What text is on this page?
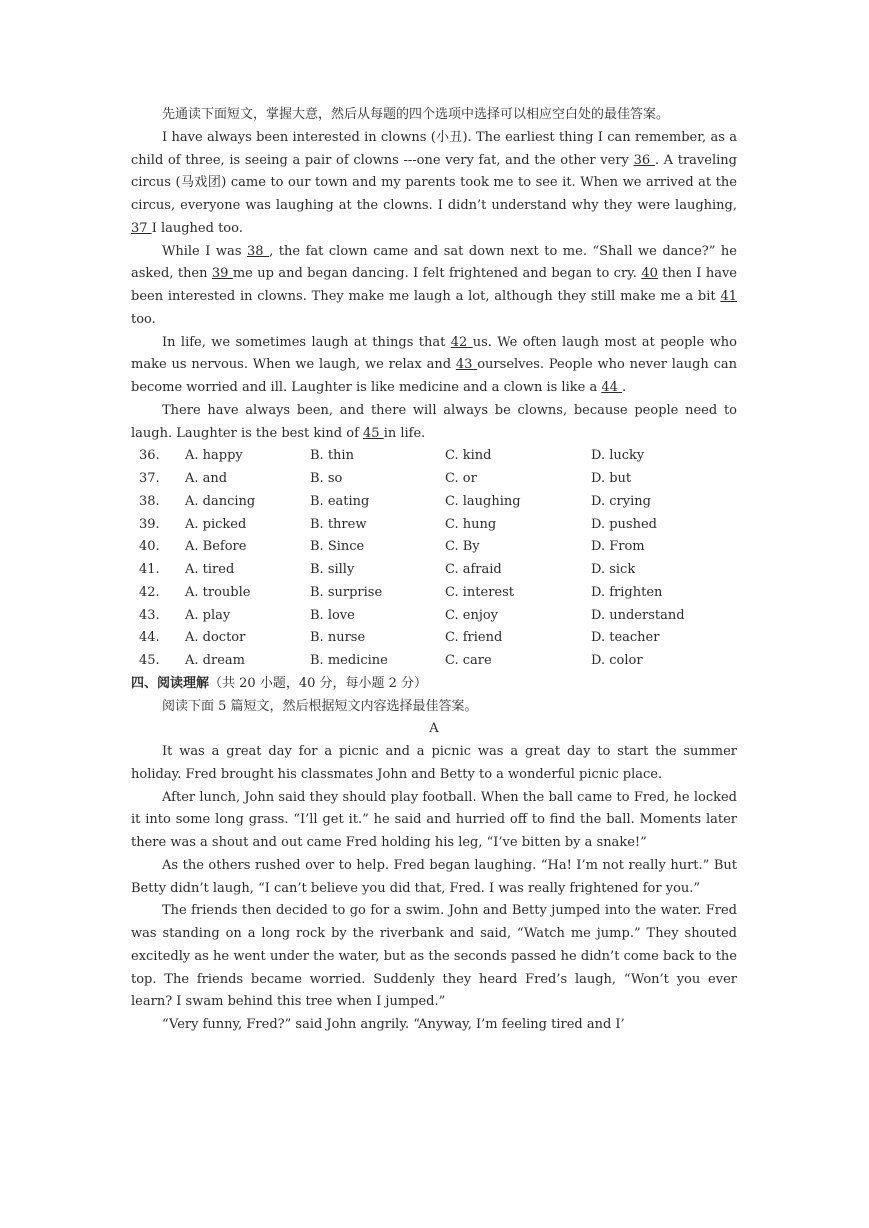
先通读下面短文，掌握大意，然后从每题的四个选项中选择可以相应空白处的最佳答案。

I have always been interested in clowns (小丑). The earliest thing I can remember, as a child of three, is seeing a pair of clowns ---one very fat, and the other very 36 . A traveling circus (马戏团) came to our town and my parents took me to see it. When we arrived at the circus, everyone was laughing at the clowns. I didn’t understand why they were laughing, 37 I laughed too.

While I was 38 , the fat clown came and sat down next to me. “Shall we dance?” he asked, then 39 me up and began dancing. I felt frightened and began to cry. 40 then I have been interested in clowns. They make me laugh a lot, although they still make me a bit 41 too.

In life, we sometimes laugh at things that 42 us. We often laugh most at people who make us nervous. When we laugh, we relax and 43 ourselves. People who never laugh can become worried and ill. Laughter is like medicine and a clown is like a 44 .

There have always been, and there will always be clowns, because people need to laugh. Laughter is the best kind of 45 in life.

36.	A. happy	B. thin	C. kind	D. lucky
37.	A. and	B. so	C. or	D. but
38.	A. dancing	B. eating	C. laughing	D. crying
39.	A. picked	B. threw	C. hung	D. pushed
40.	A. Before	B. Since	C. By	D. From
41.	A. tired	B. silly	C. afraid	D. sick
42.	A. trouble	B. surprise	C. interest	D. frighten
43.	A. play	B. love	C. enjoy	D. understand
44.	A. doctor	B. nurse	C. friend	D. teacher
45.	A. dream	B. medicine	C. care	D. color

四、阅读理解（共 20 小题，40 分，每小题 2 分）

阅读下面 5 篇短文，然后根据短文内容选择最佳答案。

A

It was a great day for a picnic and a picnic was a great day to start the summer holiday. Fred brought his classmates John and Betty to a wonderful picnic place.

After lunch, John said they should play football. When the ball came to Fred, he locked it into some long grass. “I’ll get it.” he said and hurried off to find the ball. Moments later there was a shout and out came Fred holding his leg, “I’ve bitten by a snake!”

As the others rushed over to help. Fred began laughing. “Ha! I’m not really hurt.” But Betty didn’t laugh, “I can’t believe you did that, Fred. I was really frightened for you.”

The friends then decided to go for a swim. John and Betty jumped into the water. Fred was standing on a long rock by the riverbank and said, “Watch me jump.” They shouted excitedly as he went under the water, but as the seconds passed he didn’t come back to the top. The friends became worried. Suddenly they heard Fred’s laugh, “Won’t you ever learn? I swam behind this tree when I jumped.”

“Very funny, Fred?” said John angrily. “Anyway, I’m feeling tired and I’
